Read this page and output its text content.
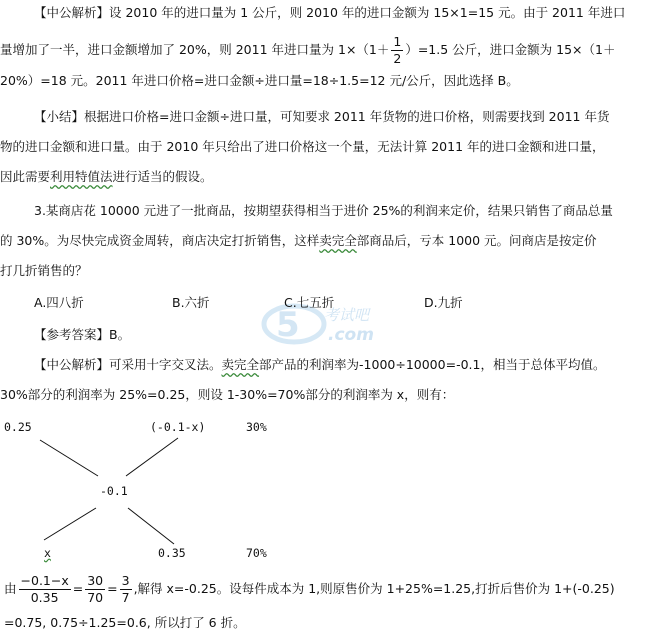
5 考试吧
.com
【中公解析】设 2010 年的进口量为 1 公斤，则 2010 年的进口金额为 15×1=15 元。由于 2011 年进口
量增加了一半，进口金额增加了 20%，则 2011 年进口量为 $1\times(1+ \frac{1}{2} )=1.5$ 公斤，进口金额为 15×（1＋
20%）=18 元。2011 年进口价格=进口金额÷进口量=18÷1.5=12 元/公斤，因此选择 B。
【小结】根据进口价格=进口金额÷进口量，可知要求 2011 年货物的进口价格，则需要找到 2011 年货
物的进口金额和进口量。由于 2010 年只给出了进口价格这一个量，无法计算 2011 年的进口金额和进口量，
因此需要利用特值法进行适当的假设。
3.某商店花 10000 元进了一批商品，按期望获得相当于进价 25%的利润来定价，结果只销售了商品总量
的 30%。为尽快完成资金周转，商店决定打折销售，这样卖完全部商品后，亏本 1000 元。问商店是按定价
打几折销售的？
A.四八折	B.六折	C.七五折	D.九折
【参考答案】B。
【中公解析】可采用十字交叉法。卖完全部产品的利润率为-1000÷10000=-0.1，相当于总体平均值。
30%部分的利润率为 25%=0.25，则设 1-30%=70%部分的利润率为 x，则有：
0.25	(-0.1-x)	30%
-0.1
x	0.35	70%
由 $\frac{-0.1-x}{0.35} = \frac{30}{70} = \frac{3}{7}$ ,解得 x=-0.25。设每件成本为 1,则原售价为 1+25%=1.25,打折后售价为 1+(-0.25)
=0.75, 0.75÷1.25=0.6, 所以打了 6 折。
